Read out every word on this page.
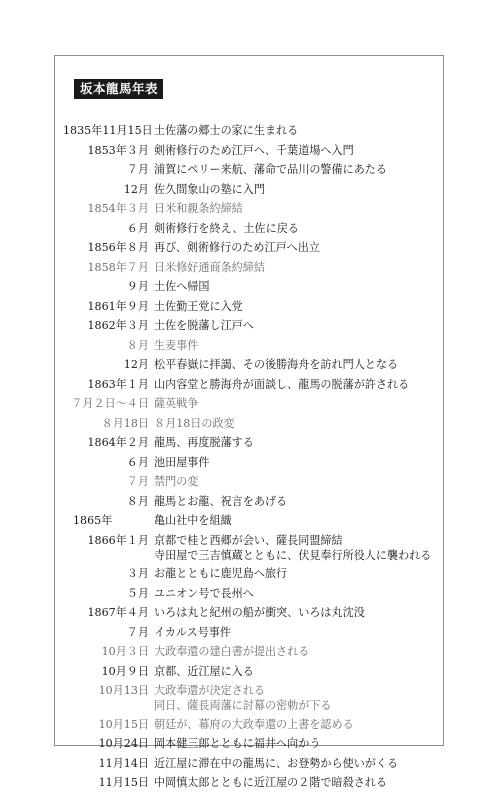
坂本龍馬年表
1835年11月15日 土佐藩の郷士の家に生まれる
1853年３月 剣術修行のため江戸へ、千葉道場へ入門
７月 浦賀にペリー来航、藩命で品川の警備にあたる
12月 佐久間象山の塾に入門
1854年３月 日米和親条約締結
６月 剣術修行を終え、土佐に戻る
1856年８月 再び、剣術修行のため江戸へ出立
1858年７月 日米修好通商条約締結
９月 土佐へ帰国
1861年９月 土佐勤王党に入党
1862年３月 土佐を脱藩し江戸へ
８月 生麦事件
12月 松平春嶽に拝謁、その後勝海舟を訪れ門人となる
1863年１月 山内容堂と勝海舟が面談し、龍馬の脱藩が許される
７月２日～４日 薩英戦争
８月18日 ８月18日の政変
1864年２月 龍馬、再度脱藩する
６月 池田屋事件
７月 禁門の変
８月 龍馬とお龍、祝言をあげる
1865年	亀山社中を組織
1866年１月 京都で桂と西郷が会い、薩長同盟締結
寺田屋で三吉慎蔵とともに、伏見奉行所役人に襲われる
３月 お龍とともに鹿児島へ旅行
５月 ユニオン号で長州へ
1867年４月 いろは丸と紀州の船が衝突、いろは丸沈没
７月 イカルス号事件
10月３日 大政奉還の建白書が提出される
10月９日 京都、近江屋に入る
10月13日 大政奉還が決定される
同日、薩長両藩に討幕の密勅が下る
10月15日 朝廷が、幕府の大政奉還の上書を認める
10月24日 岡本健三郎とともに福井へ向かう
11月14日 近江屋に滞在中の龍馬に、お登勢から使いがくる
11月15日 中岡慎太郎とともに近江屋の２階で暗殺される
